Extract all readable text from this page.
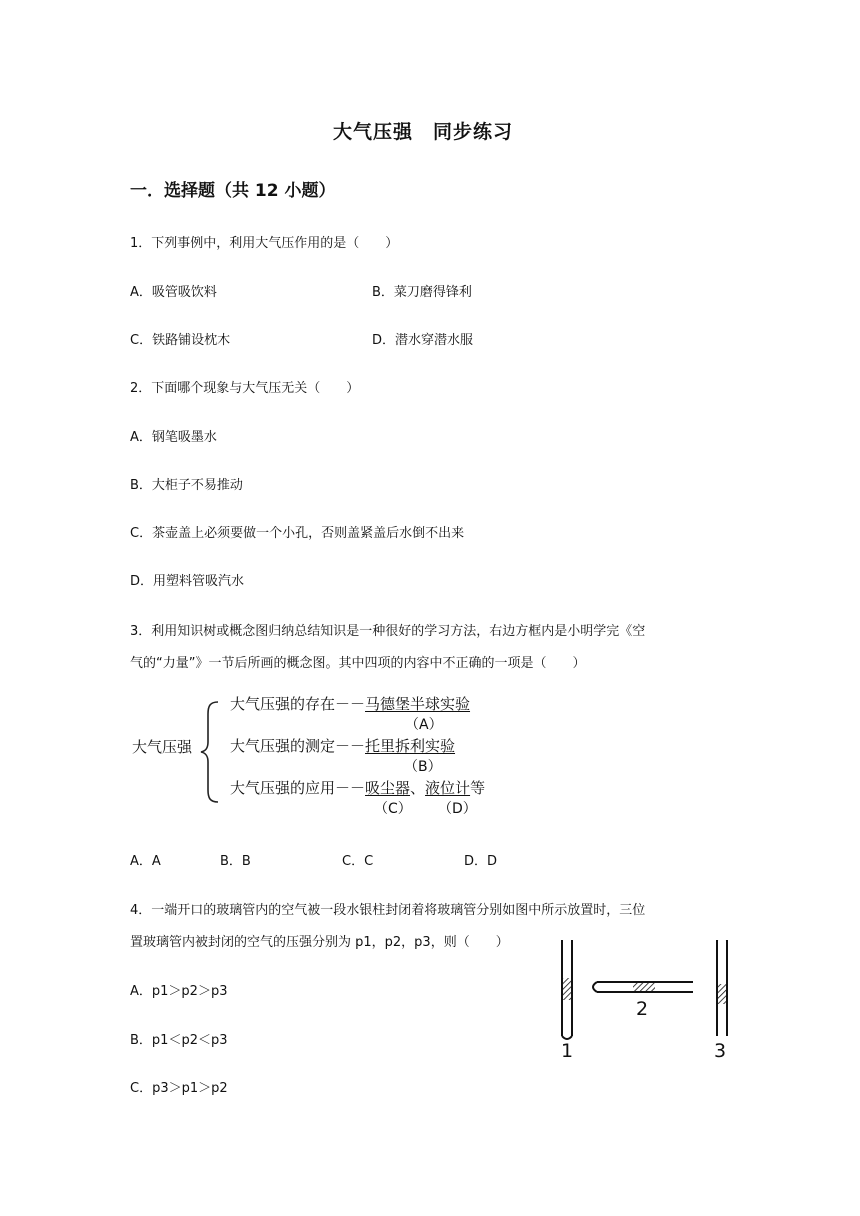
大气压强　同步练习
一．选择题（共 12 小题）
1．下列事例中，利用大气压作用的是（　　）
A．吸管吸饮料	B．菜刀磨得锋利
C．铁路铺设枕木	D．潜水穿潜水服
2．下面哪个现象与大气压无关（　　）
A．钢笔吸墨水
B．大柜子不易推动
C．茶壶盖上必须要做一个小孔，否则盖紧盖后水倒不出来
D．用塑料管吸汽水
3．利用知识树或概念图归纳总结知识是一种很好的学习方法，右边方框内是小明学完《空
气的“力量”》一节后所画的概念图。其中四项的内容中不正确的一项是（　　）
大气压强
大气压强的存在－－马德堡半球实验
（A）
大气压强的测定－－托里拆利实验
（B）
大气压强的应用－－吸尘器、液位计等
（C） （D）
A．A	B．B	C．C	D．D
4．一端开口的玻璃管内的空气被一段水银柱封闭着将玻璃管分别如图中所示放置时，三位
置玻璃管内被封闭的空气的压强分别为 p1，p2，p3，则（　　）
A．p1＞p2＞p3
B．p1＜p2＜p3
C．p3＞p1＞p2
1
2
3
